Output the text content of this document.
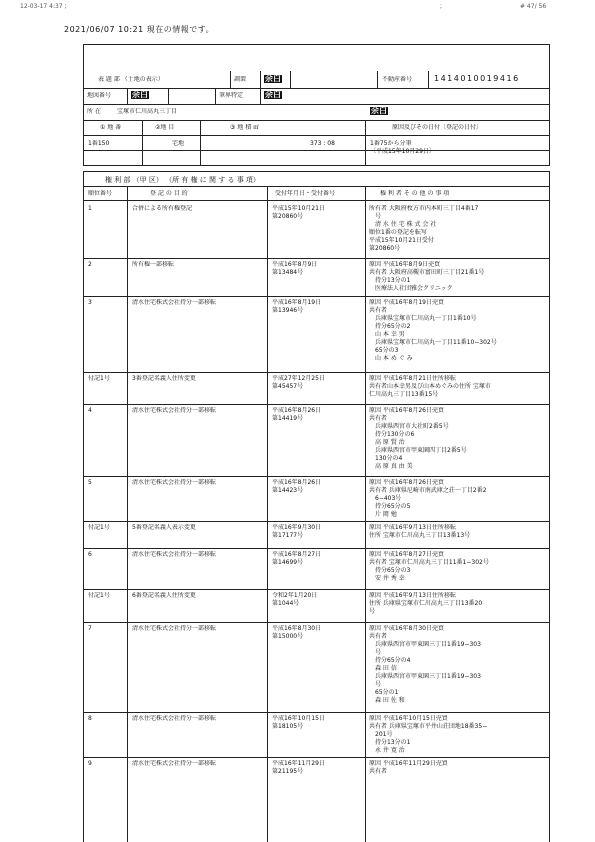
12-03-17 4:37 ;	;	# 47/ 56
2021/06/07 10:21 現在の情報です。
表 題 部 （土地の表示）	調製 余白	不動産番号	1414010019416
地図番号	余白	筆界特定	余白
所 在	宝塚市仁川高丸三丁目	余白
① 地 番	②地 目	③ 地 積 ㎡	原因及びその日付〔登記の日付〕
1番150	宅地	373 : 08	1番75から分筆
〔平成15年10月29日〕
権 利 部 （甲 区） （所 有 権 に 関 す る 事 項）
順位番号	登 記 の 目 的	受付年月日・受付番号	権 利 者 そ の 他 の 事 項
1	合併による所有権登記	平成15年10月21日
第20860号
所有者 大阪府枚方市内本町三丁目4番17
　号
　清 水 住 宅 株 式 会 社
順位1番の登記を転写
平成15年10月21日受付
第20860号
2	所有権一部移転	平成16年8月9日
第13484号
原因 平成16年8月9日売買
共有者 大阪府高槻市富田町三丁目21番1号
　持分13分の1
　医療法人社団雅会クリニック
3	清水住宅株式会社持分一部移転	平成16年8月19日
第13946号
原因 平成16年8月19日売買
共有者
　兵庫県宝塚市仁川高丸一丁目1番10号
　持分65分の2
　山 本 幸 男
　兵庫県宝塚市仁川高丸一丁目11番10−302号
　65分の3
　山 本 め ぐ み
付記1号	3番登記名義人住所変更	平成27年12月25日
第45457号
原因 平成16年8月21日住所移転
共有者山本幸男及び山本めぐみの住所 宝塚市
仁川高丸三丁目13番15号
4	清水住宅株式会社持分一部移転	平成16年8月26日
第14419号
原因 平成16年8月26日売買
共有者
　兵庫県西宮市大社町2番5号
　持分130分の6
　高 原 賢 治
　兵庫県西宮市甲東園四丁目2番5号
　130分の4
　高 原 真 由 美
5	清水住宅株式会社持分一部移転	平成16年8月26日
第14423号
原因 平成16年8月26日売買
共有者 兵庫県尼崎市南武庫之荘一丁目2番2
　6−403号
　持分65分の5
　片 岡 勉
付記1号	5番登記名義人表示変更	平成16年9月30日
第17177号
原因 平成16年9月13日住所移転
住所 宝塚市仁川高丸三丁目13番13号
6	清水住宅株式会社持分一部移転	平成16年8月27日
第14699号
原因 平成16年8月27日売買
共有者 宝塚市仁川高丸三丁目11番1−302号
　持分65分の3
　安 井 秀 幸
付記1号	6番登記名義人住所変更	令和2年1月20日
第1044号
原因 平成16年9月13日住所移転
住所 兵庫県宝塚市仁川高丸三丁目13番20
号
7	清水住宅株式会社持分一部移転	平成16年8月30日
第15000号
原因 平成16年8月30日売買
共有者
　兵庫県西宮市甲東園三丁目1番19−303
　号
　持分65分の4
　森 田 信
　兵庫県西宮市甲東園三丁目1番19−303
　号
　65分の1
　森 田 佐 和
8	清水住宅株式会社持分一部移転	平成16年10月15日
第18105号
原因 平成16年10月15日売買
共有者 兵庫県宝塚市平井山荘団地18番35−
　201号
　持分13分の1
　永 井 寛 治
9	清水住宅株式会社持分一部移転	平成16年11月29日
第21195号
原因 平成16年11月29日売買
共有者
